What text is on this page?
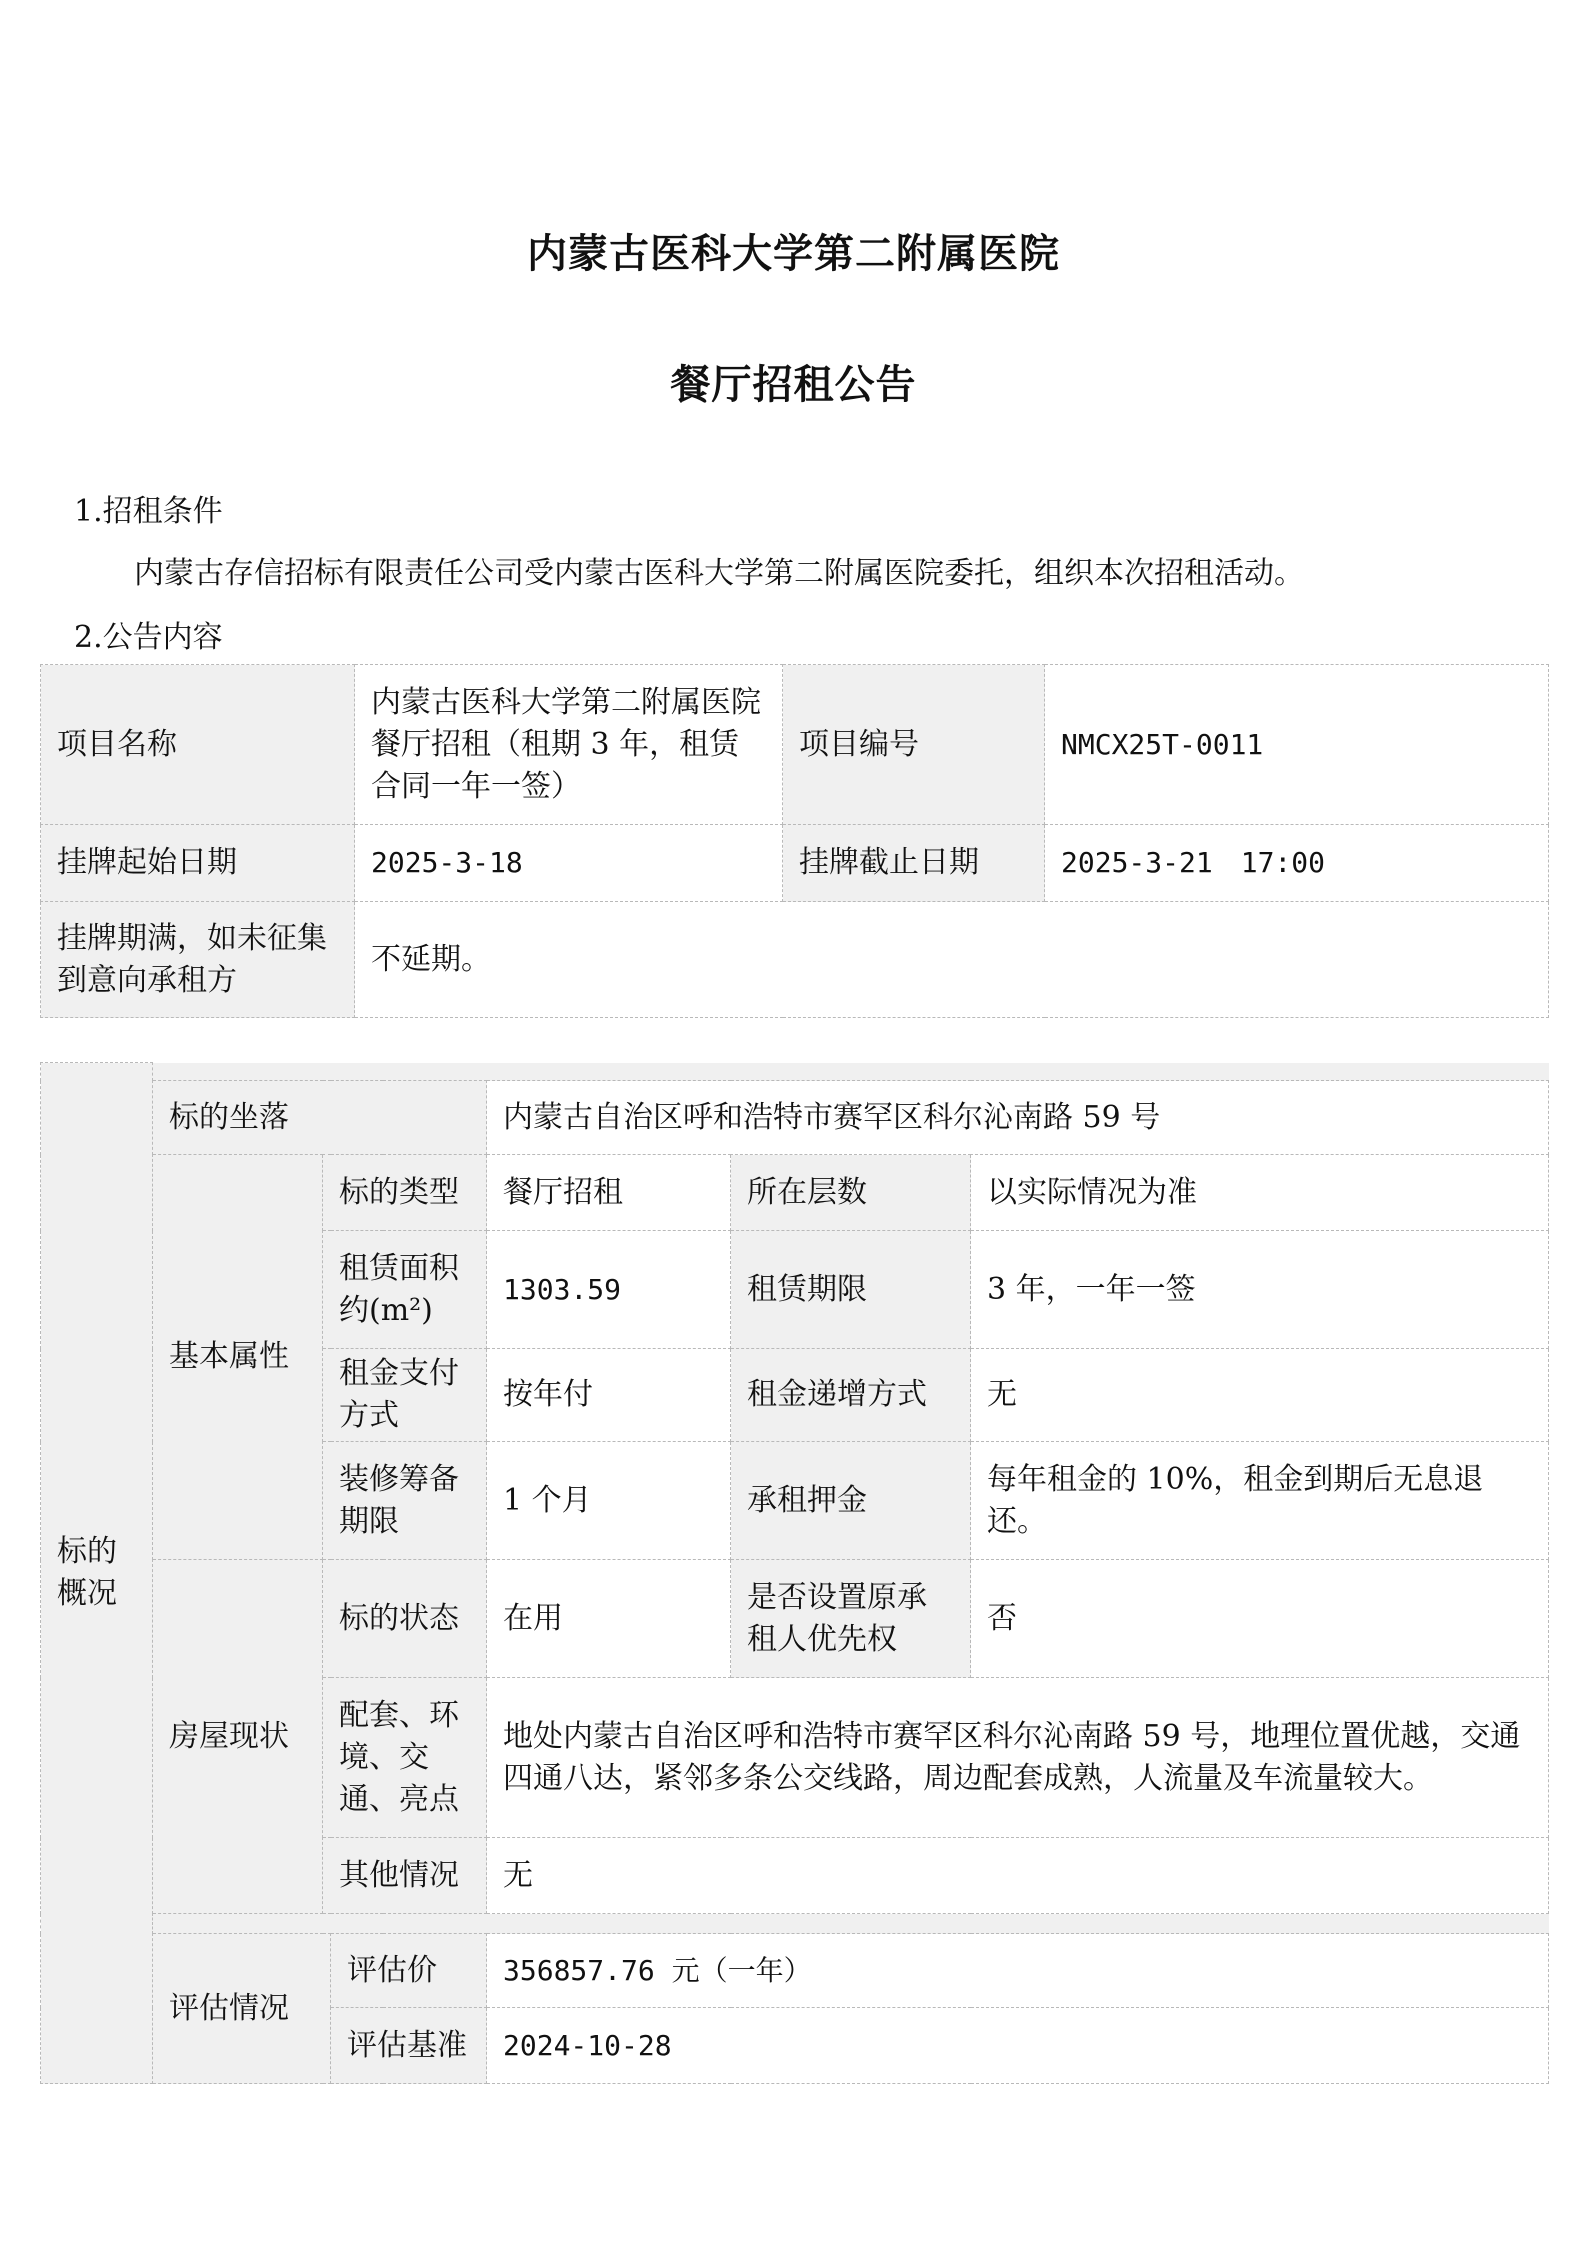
内蒙古医科大学第二附属医院
餐厅招租公告
1.招租条件
内蒙古存信招标有限责任公司受内蒙古医科大学第二附属医院委托，组织本次招租活动。
2.公告内容
项目名称	内蒙古医科大学第二附属医院餐厅招租（租期 3 年，租赁合同一年一签）	项目编号	NMCX25T-0011
挂牌起始日期	2025-3-18	挂牌截止日期	2025-3-21　17:00
挂牌期满，如未征集到意向承租方	不延期。		
标的概况						
	标的坐落			内蒙古自治区呼和浩特市赛罕区科尔沁南路 59 号		
	基本属性	标的类型		餐厅招租	所在层数	以实际情况为准
		租赁面积约(m²)		1303.59	租赁期限	3 年，一年一签
		租金支付方式		按年付	租金递增方式	无
		装修筹备期限		1 个月	承租押金	每年租金的 10%，租金到期后无息退还。
	房屋现状	标的状态		在用	是否设置原承租人优先权	否
		配套、环境、交通、亮点		地处内蒙古自治区呼和浩特市赛罕区科尔沁南路 59 号，地理位置优越，交通四通八达，紧邻多条公交线路，周边配套成熟，人流量及车流量较大。		
		其他情况		无		

	评估情况		评估价	356857.76 元（一年）		
			评估基准	2024-10-28		
